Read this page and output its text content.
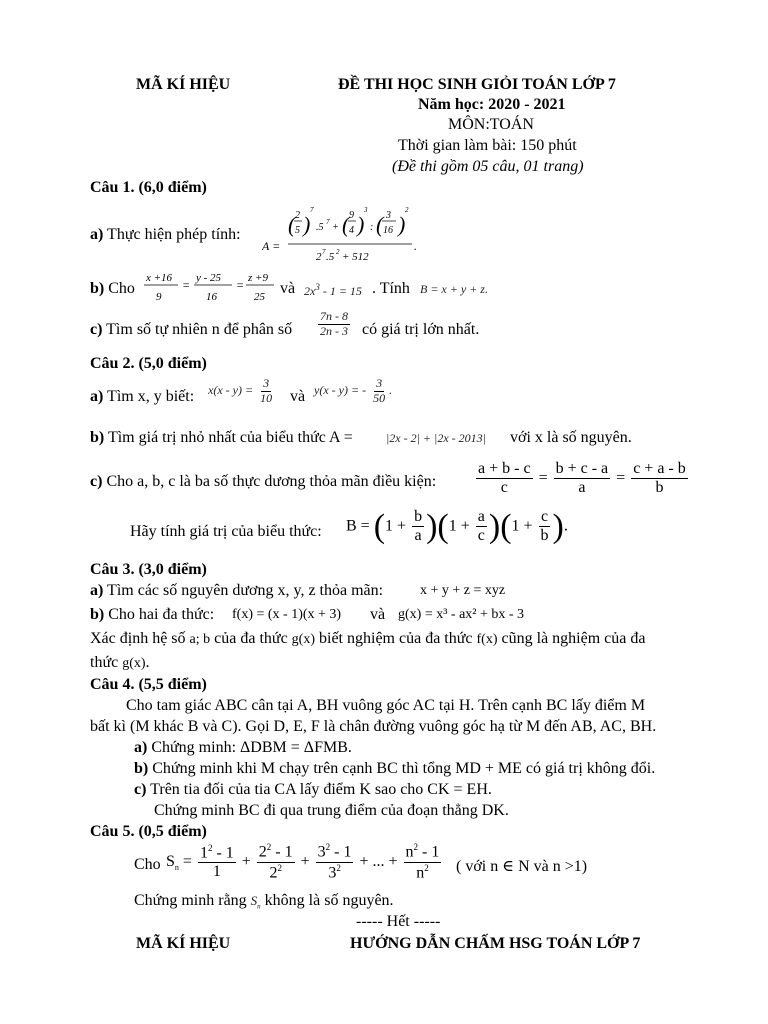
MÃ KÍ HIỆU	ĐỀ THI HỌC SINH GIỎI TOÁN LỚP 7
Năm học: 2020 - 2021
MÔN:TOÁN
Thời gian làm bài: 150 phút
(Đề thi gồm 05 câu, 01 trang)
Câu 1. (6,0 điểm)
a) Thực hiện phép tính:
A =
( 2
5 )
7
.5 7 + ( 9
4 )
3
: ( 3
16 )
2
2 7 .5 2 + 512
.
b) Cho
x +16
9
= y - 25
16
= z +9
25 và $2x^3 - 1 = 15$ . Tính B = x + y + z.
c) Tìm số tự nhiên n để phân số $\frac{7n - 8}{2n - 3}$ có giá trị lớn nhất.
Câu 2. (5,0 điểm)
a) Tìm x, y biết: $x(x - y) = \frac{3}{10}$ và y(x - y) = - $\frac{3}{50}$ .
b) Tìm giá trị nhỏ nhất của biểu thức A =	|2x - 2| + |2x - 2013| với x là số nguyên.
c) Cho a, b, c là ba số thực dương thỏa mãn điều kiện: $\frac{a + b - c}{c} = \frac{b + c - a}{a} = \frac{c + a - b}{b}$
Hãy tính giá trị của biểu thức: $B = (1 + \frac{b}{a} )(1 + \frac{a}{c} )(1 + \frac{c}{b}$ ).
Câu 3. (3,0 điểm)
a) Tìm các số nguyên dương x, y, z thỏa mãn:	x + y + z = xyz
b) Cho hai đa thức: f(x) = (x - 1)(x + 3) và g(x) = x³ - ax² + bx - 3
Xác định hệ số a; b của đa thức g(x) biết nghiệm của đa thức f(x) cũng là nghiệm của đa
thức g(x).
Câu 4. (5,5 điểm)
Cho tam giác ABC cân tại A, BH vuông góc AC tại H. Trên cạnh BC lấy điểm M
bất kì (M khác B và C). Gọi D, E, F là chân đường vuông góc hạ từ M đến AB, AC, BH.
a) Chứng minh: ΔDBM = ΔFMB.
b) Chứng minh khi M chạy trên cạnh BC thì tổng MD + ME có giá trị không đổi.
c) Trên tia đối của tia CA lấy điểm K sao cho CK = EH.
Chứng minh BC đi qua trung điểm của đoạn thẳng DK.
Câu 5. (0,5 điểm)
Cho $S_n = \frac{1^2 - 1}{1} + \frac{2^2 - 1}{2^2} + \frac{3^2 - 1}{3^2}$ + ... + $\frac{n^2 - 1}{n^2}$ ( với n ∈ N và n >1)
Chứng minh rằng $S_n$ không là số nguyên.
----- Hết -----
MÃ KÍ HIỆU	HƯỚNG DẪN CHẤM HSG TOÁN LỚP 7
